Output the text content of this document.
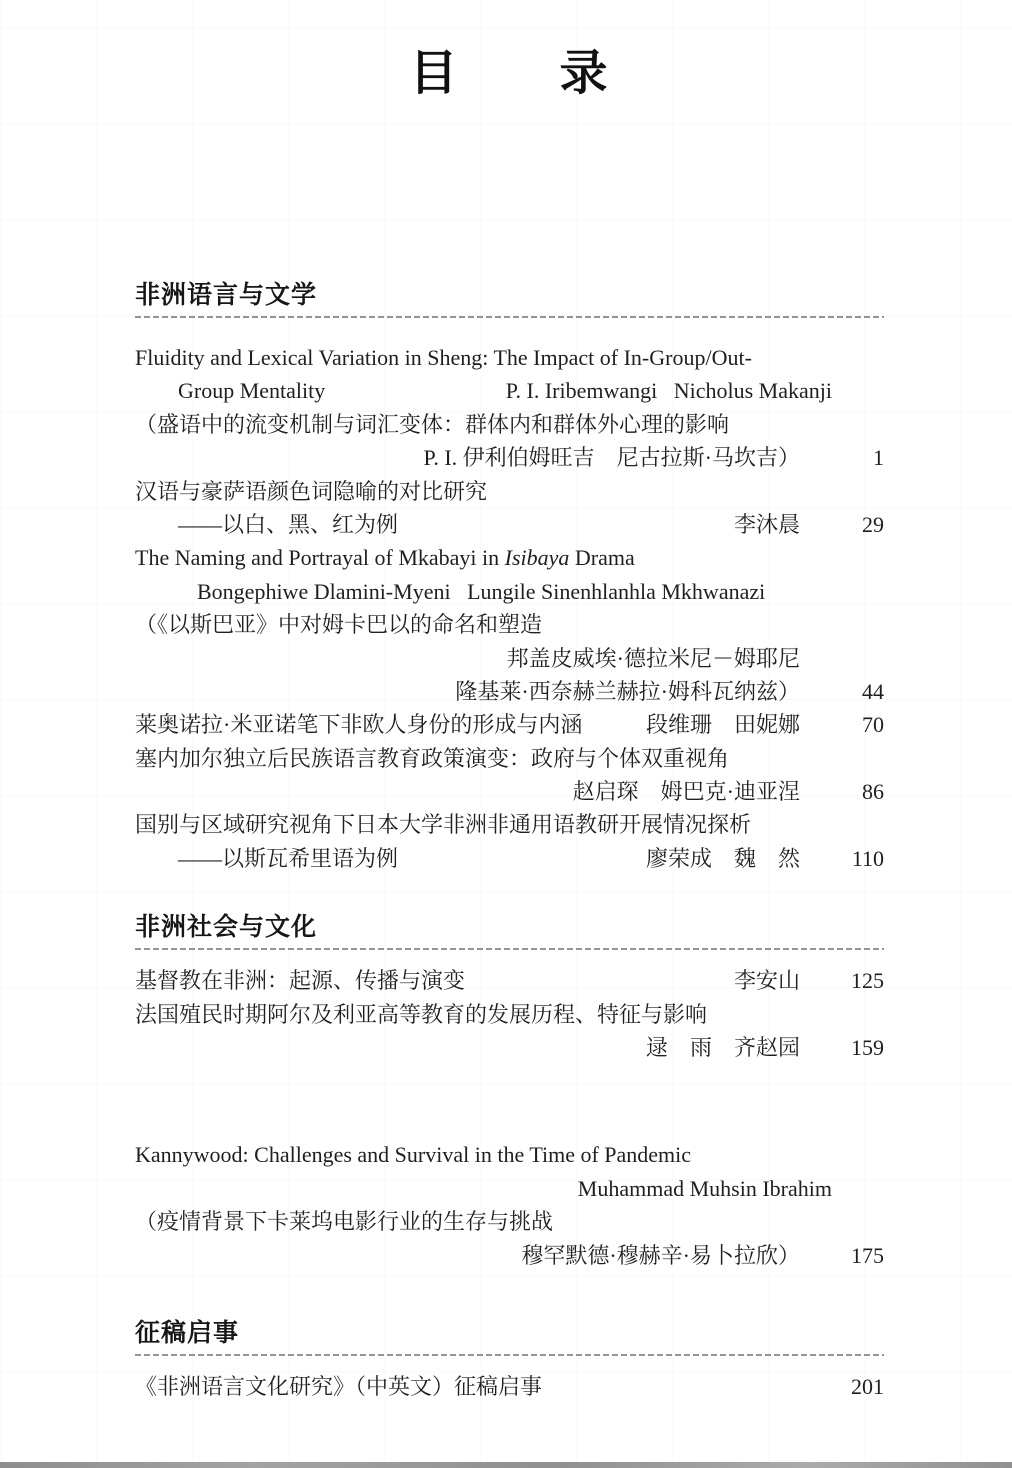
目　　录
非洲语言与文学
Fluidity and Lexical Variation in Sheng: The Impact of In-Group/Out-
Group Mentality	P. I. Iribemwangi   Nicholus Makanji
（盛语中的流变机制与词汇变体：群体内和群体外心理的影响
P. I. 伊利伯姆旺吉　尼古拉斯·马坎吉）	1
汉语与豪萨语颜色词隐喻的对比研究
——以白、黑、红为例	李沐晨	29
The Naming and Portrayal of Mkabayi in Isibaya Drama
Bongephiwe Dlamini-Myeni   Lungile Sinenhlanhla Mkhwanazi
（《以斯巴亚》中对姆卡巴以的命名和塑造
邦盖皮威埃·德拉米尼－姆耶尼
隆基莱·西奈赫兰赫拉·姆科瓦纳兹）	44
莱奥诺拉·米亚诺笔下非欧人身份的形成与内涵	段维珊　田妮娜	70
塞内加尔独立后民族语言教育政策演变：政府与个体双重视角
赵启琛　姆巴克·迪亚涅	86
国别与区域研究视角下日本大学非洲非通用语教研开展情况探析
——以斯瓦希里语为例	廖荣成　魏　然	110
非洲社会与文化
基督教在非洲：起源、传播与演变	李安山	125
法国殖民时期阿尔及利亚高等教育的发展历程、特征与影响
逯　雨　齐赵园	159
Kannywood: Challenges and Survival in the Time of Pandemic
Muhammad Muhsin Ibrahim
（疫情背景下卡莱坞电影行业的生存与挑战
穆罕默德·穆赫辛·易卜拉欣）	175
征稿启事
《非洲语言文化研究》（中英文）征稿启事	201
